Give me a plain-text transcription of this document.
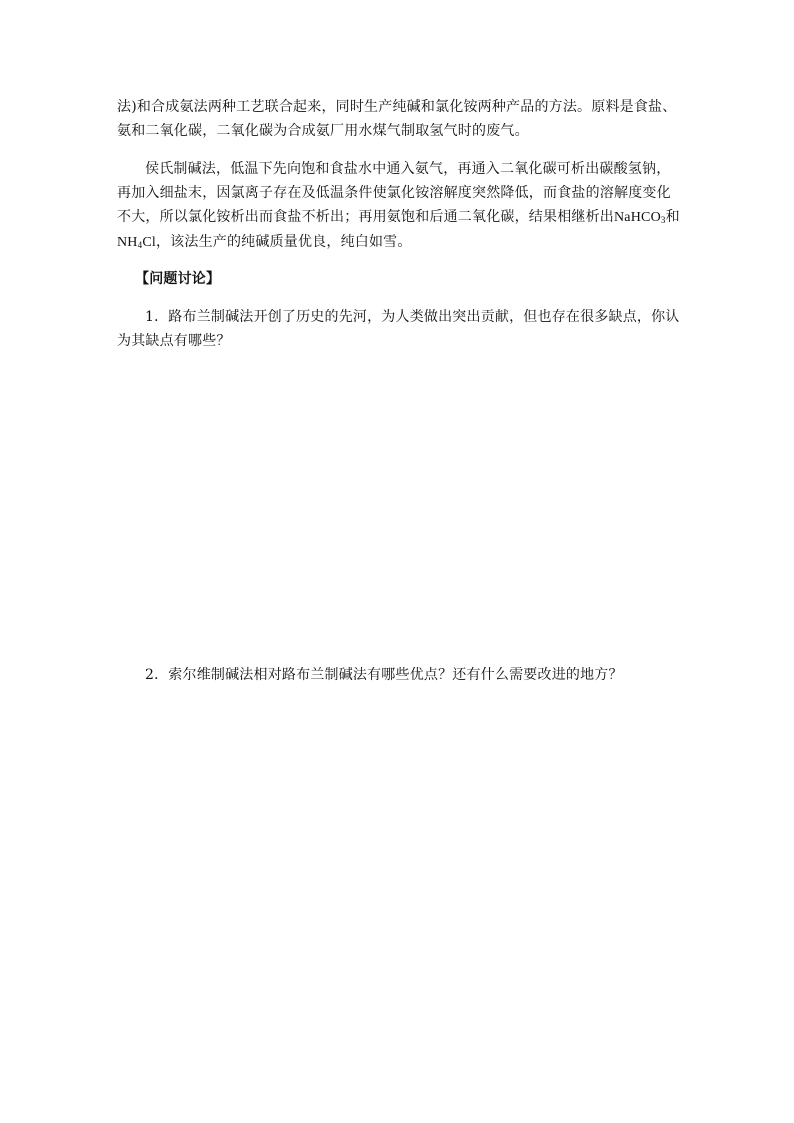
法)和合成氨法两种工艺联合起来，同时生产纯碱和氯化铵两种产品的方法。原料是食盐、氨和二氧化碳，二氧化碳为合成氨厂用水煤气制取氢气时的废气。

侯氏制碱法，低温下先向饱和食盐水中通入氨气，再通入二氧化碳可析出碳酸氢钠，再加入细盐末，因氯离子存在及低温条件使氯化铵溶解度突然降低，而食盐的溶解度变化不大，所以氯化铵析出而食盐不析出；再用氨饱和后通二氧化碳，结果相继析出NaHCO$_3$和$NH_4Cl$，该法生产的纯碱质量优良，纯白如雪。

【问题讨论】

1．路布兰制碱法开创了历史的先河，为人类做出突出贡献，但也存在很多缺点，你认为其缺点有哪些？

2．索尔维制碱法相对路布兰制碱法有哪些优点？还有什么需要改进的地方？
